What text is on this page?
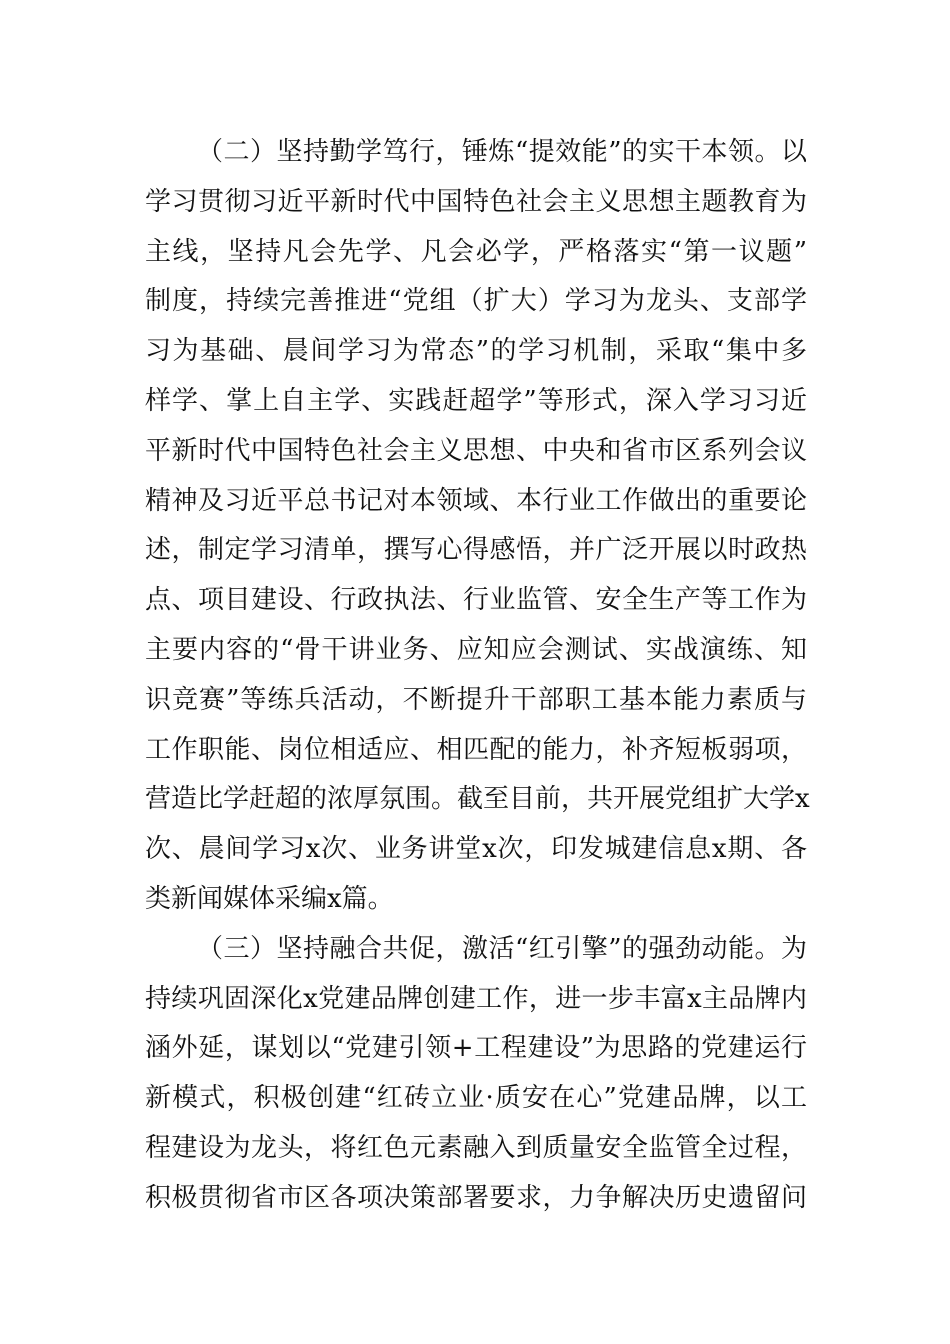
（二）坚持勤学笃行，锤炼“提效能”的实干本领。以
学习贯彻习近平新时代中国特色社会主义思想主题教育为
主线，坚持凡会先学、凡会必学，严格落实“第一议题”
制度，持续完善推进“党组（扩大）学习为龙头、支部学
习为基础、晨间学习为常态”的学习机制，采取“集中多
样学、掌上自主学、实践赶超学”等形式，深入学习习近
平新时代中国特色社会主义思想、中央和省市区系列会议
精神及习近平总书记对本领域、本行业工作做出的重要论
述，制定学习清单，撰写心得感悟，并广泛开展以时政热
点、项目建设、行政执法、行业监管、安全生产等工作为
主要内容的“骨干讲业务、应知应会测试、实战演练、知
识竞赛”等练兵活动，不断提升干部职工基本能力素质与
工作职能、岗位相适应、相匹配的能力，补齐短板弱项，
营造比学赶超的浓厚氛围。截至目前，共开展党组扩大学x
次、晨间学习x次、业务讲堂x次，印发城建信息x期、各
类新闻媒体采编x篇。
（三）坚持融合共促，激活“红引擎”的强劲动能。为
持续巩固深化x党建品牌创建工作，进一步丰富x主品牌内
涵外延，谋划以“党建引领+工程建设”为思路的党建运行
新模式，积极创建“红砖立业·质安在心”党建品牌，以工
程建设为龙头，将红色元素融入到质量安全监管全过程，
积极贯彻省市区各项决策部署要求，力争解决历史遗留问
